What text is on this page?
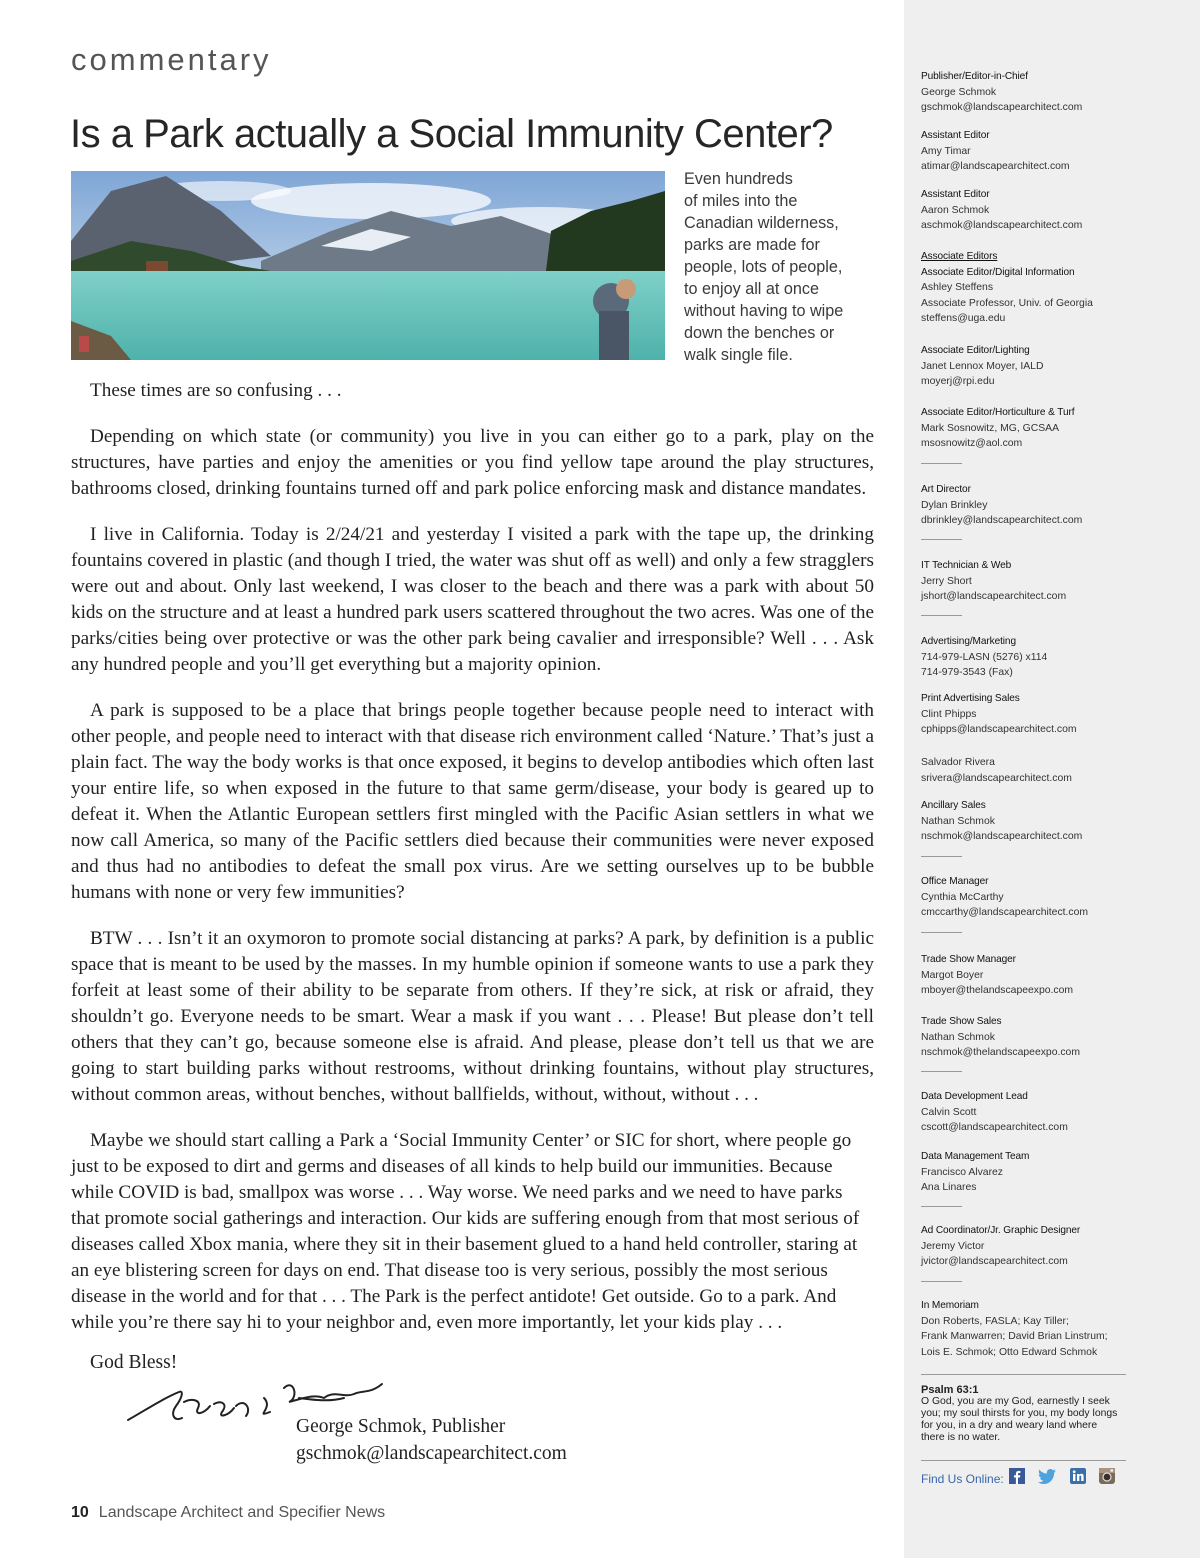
commentary
Is a Park actually a Social Immunity Center?
Even hundreds
of miles into the
Canadian wilderness,
parks are made for
people, lots of people,
to enjoy all at once
without having to wipe
down the benches or
walk single file.

These times are so confusing . . .

Depending on which state (or community) you live in you can either go to a park, play on the structures, have parties and enjoy the amenities or you find yellow tape around the play structures, bathrooms closed, drinking fountains turned off and park police enforcing mask and distance mandates.

I live in California. Today is 2/24/21 and yesterday I visited a park with the tape up, the drinking fountains covered in plastic (and though I tried, the water was shut off as well) and only a few stragglers were out and about. Only last weekend, I was closer to the beach and there was a park with about 50 kids on the structure and at least a hundred park users scattered throughout the two acres. Was one of the parks/cities being over protective or was the other park being cavalier and irresponsible? Well . . . Ask any hundred people and you’ll get everything but a majority opinion.

A park is supposed to be a place that brings people together because people need to interact with other people, and people need to interact with that disease rich environment called ‘Nature.’ That’s just a plain fact. The way the body works is that once exposed, it begins to develop antibodies which often last your entire life, so when exposed in the future to that same germ/disease, your body is geared up to defeat it. When the Atlantic European settlers first mingled with the Pacific Asian settlers in what we now call America, so many of the Pacific settlers died because their communities were never exposed and thus had no antibodies to defeat the small pox virus. Are we setting ourselves up to be bubble humans with none or very few immunities?

BTW . . . Isn’t it an oxymoron to promote social distancing at parks? A park, by definition is a public space that is meant to be used by the masses. In my humble opinion if someone wants to use a park they forfeit at least some of their ability to be separate from others. If they’re sick, at risk or afraid, they shouldn’t go. Everyone needs to be smart. Wear a mask if you want . . . Please! But please don’t tell others that they can’t go, because someone else is afraid. And please, please don’t tell us that we are going to start building parks without restrooms, without drinking fountains, without play structures, without common areas, without benches, without ballfields, without, without, without . . .

Maybe we should start calling a Park a ‘Social Immunity Center’ or SIC for short, where people go just to be exposed to dirt and germs and diseases of all kinds to help build our immunities. Because while COVID is bad, smallpox was worse . . . Way worse. We need parks and we need to have parks that promote social gatherings and interaction. Our kids are suffering enough from that most serious of diseases called Xbox mania, where they sit in their basement glued to a hand held controller, staring at an eye blistering screen for days on end. That disease too is very serious, possibly the most serious disease in the world and for that . . . The Park is the perfect antidote! Get outside. Go to a park. And while you’re there say hi to your neighbor and, even more importantly, let your kids play . . .

God Bless!
George Schmok, Publisher
gschmok@landscapearchitect.com
10 Landscape Architect and Specifier News
Publisher/Editor-in-Chief
George Schmok
gschmok@landscapearchitect.com
Assistant Editor
Amy Timar
atimar@landscapearchitect.com
Assistant Editor
Aaron Schmok
aschmok@landscapearchitect.com
Associate Editors
Associate Editor/Digital Information
Ashley Steffens
Associate Professor, Univ. of Georgia
steffens@uga.edu
Associate Editor/Lighting
Janet Lennox Moyer, IALD
moyerj@rpi.edu
Associate Editor/Horticulture & Turf
Mark Sosnowitz, MG, GCSAA
msosnowitz@aol.com
Art Director
Dylan Brinkley
dbrinkley@landscapearchitect.com
IT Technician & Web
Jerry Short
jshort@landscapearchitect.com
Advertising/Marketing
714-979-LASN (5276) x114
714-979-3543 (Fax)
Print Advertising Sales
Clint Phipps
cphipps@landscapearchitect.com
Salvador Rivera
srivera@landscapearchitect.com
Ancillary Sales
Nathan Schmok
nschmok@landscapearchitect.com
Office Manager
Cynthia McCarthy
cmccarthy@landscapearchitect.com
Trade Show Manager
Margot Boyer
mboyer@thelandscapeexpo.com
Trade Show Sales
Nathan Schmok
nschmok@thelandscapeexpo.com
Data Development Lead
Calvin Scott
cscott@landscapearchitect.com
Data Management Team
Francisco Alvarez
Ana Linares
Ad Coordinator/Jr. Graphic Designer
Jeremy Victor
jvictor@landscapearchitect.com
In Memoriam
Don Roberts, FASLA; Kay Tiller;
Frank Manwarren; David Brian Linstrum;
Lois E. Schmok; Otto Edward Schmok
Psalm 63:1
O God, you are my God, earnestly I seek you; my soul thirsts for you, my body longs for you, in a dry and weary land where there is no water.
Find Us Online:
